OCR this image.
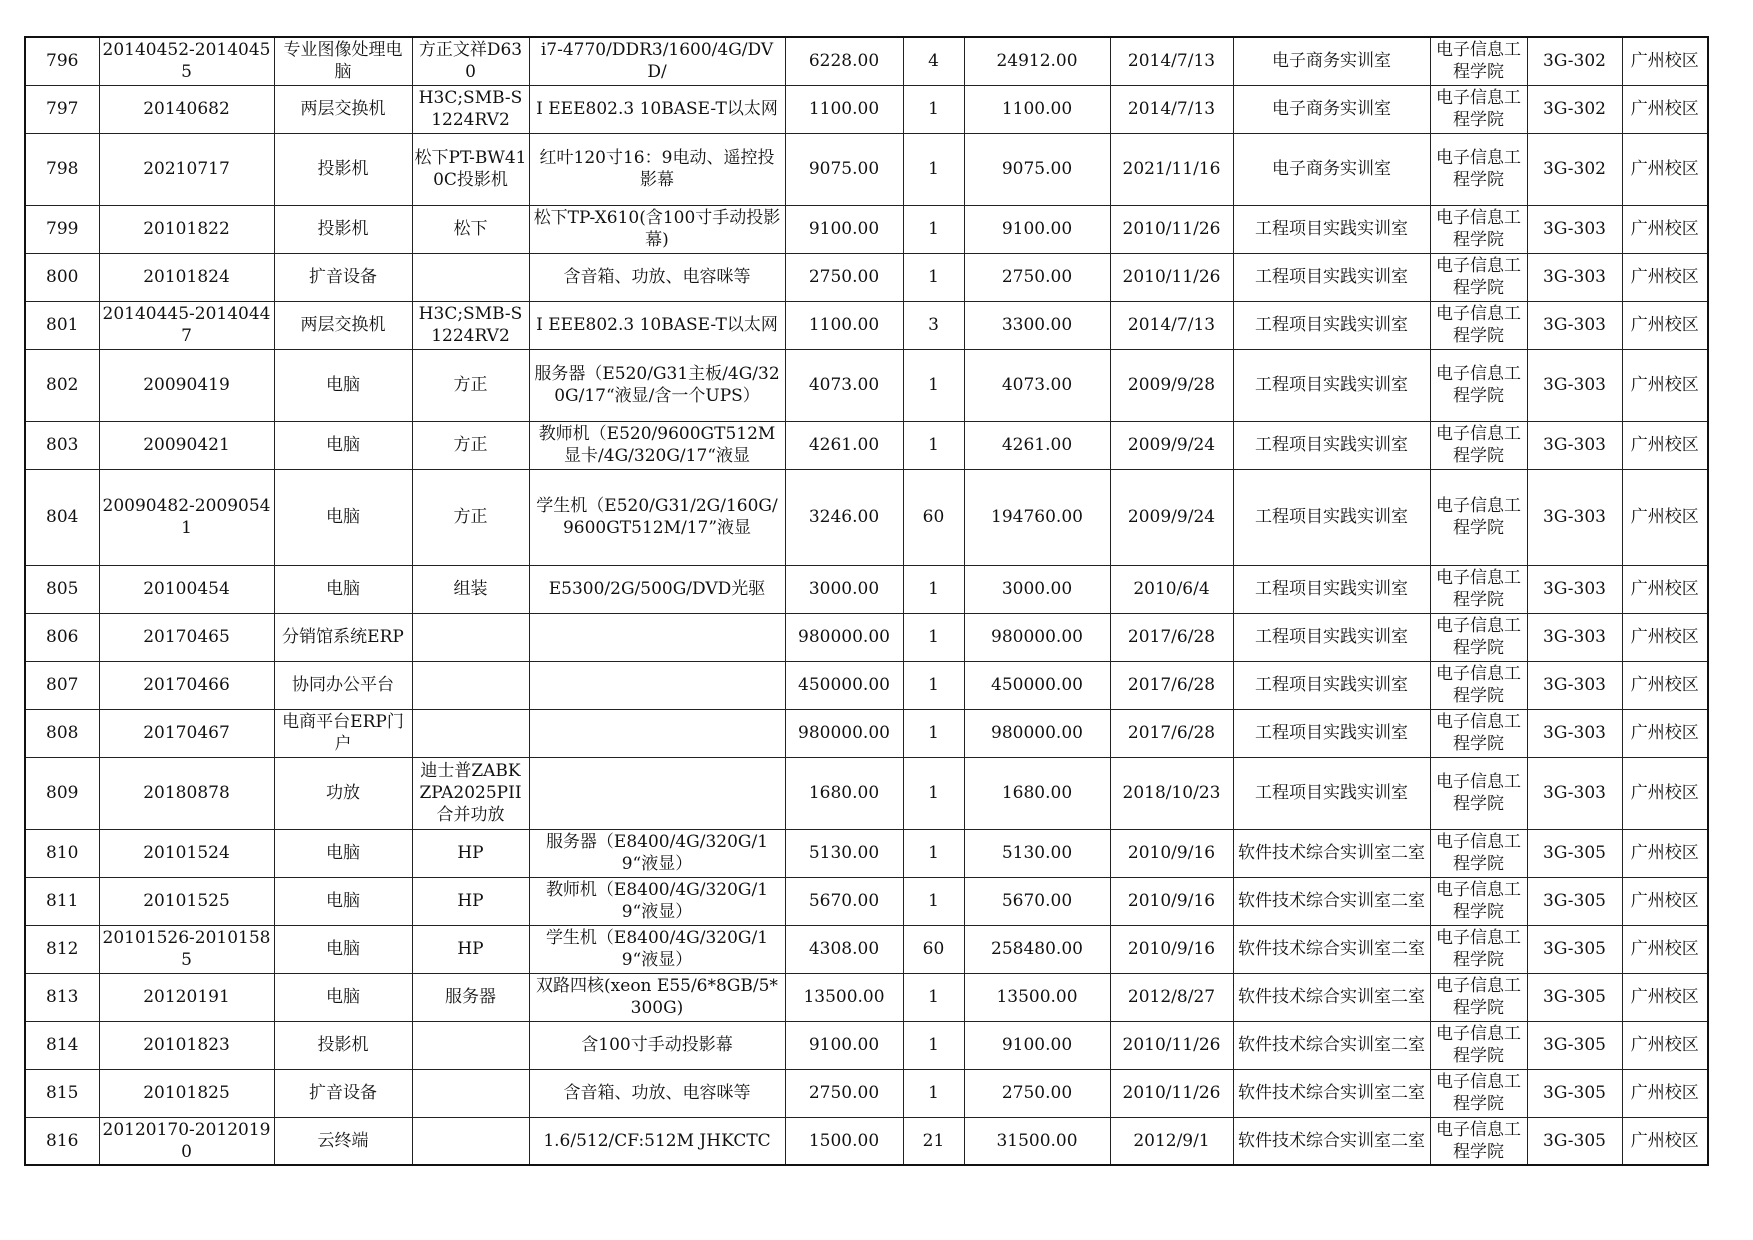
796	20140452-20140455	专业图像处理电脑	方正文祥D630	i7-4770/DDR3/1600/4G/DVD/	6228.00	4	24912.00	2014/7/13	电子商务实训室	电子信息工程学院	3G-302	广州校区
797	20140682	两层交换机	H3C;SMB-S1224RV2	I EEE802.3 10BASE-T以太网	1100.00	1	1100.00	2014/7/13	电子商务实训室	电子信息工程学院	3G-302	广州校区
798	20210717	投影机	松下PT-BW410C投影机	红叶120寸16：9电动、遥控投影幕	9075.00	1	9075.00	2021/11/16	电子商务实训室	电子信息工程学院	3G-302	广州校区
799	20101822	投影机	松下	松下TP-X610(含100寸手动投影幕)	9100.00	1	9100.00	2010/11/26	工程项目实践实训室	电子信息工程学院	3G-303	广州校区
800	20101824	扩音设备		含音箱、功放、电容咪等	2750.00	1	2750.00	2010/11/26	工程项目实践实训室	电子信息工程学院	3G-303	广州校区
801	20140445-20140447	两层交换机	H3C;SMB-S1224RV2	I EEE802.3 10BASE-T以太网	1100.00	3	3300.00	2014/7/13	工程项目实践实训室	电子信息工程学院	3G-303	广州校区
802	20090419	电脑	方正	服务器（E520/G31主板/4G/320G/17“液显/含一个UPS）	4073.00	1	4073.00	2009/9/28	工程项目实践实训室	电子信息工程学院	3G-303	广州校区
803	20090421	电脑	方正	教师机（E520/9600GT512M显卡/4G/320G/17“液显	4261.00	1	4261.00	2009/9/24	工程项目实践实训室	电子信息工程学院	3G-303	广州校区
804	20090482-20090541	电脑	方正	学生机（E520/G31/2G/160G/9600GT512M/17”液显	3246.00	60	194760.00	2009/9/24	工程项目实践实训室	电子信息工程学院	3G-303	广州校区
805	20100454	电脑	组装	E5300/2G/500G/DVD光驱	3000.00	1	3000.00	2010/6/4	工程项目实践实训室	电子信息工程学院	3G-303	广州校区
806	20170465	分销馆系统ERP			980000.00	1	980000.00	2017/6/28	工程项目实践实训室	电子信息工程学院	3G-303	广州校区
807	20170466	协同办公平台			450000.00	1	450000.00	2017/6/28	工程项目实践实训室	电子信息工程学院	3G-303	广州校区
808	20170467	电商平台ERP门户			980000.00	1	980000.00	2017/6/28	工程项目实践实训室	电子信息工程学院	3G-303	广州校区
809	20180878	功放	迪士普ZABKZPA2025PII合并功放		1680.00	1	1680.00	2018/10/23	工程项目实践实训室	电子信息工程学院	3G-303	广州校区
810	20101524	电脑	HP	服务器（E8400/4G/320G/19“液显）	5130.00	1	5130.00	2010/9/16	软件技术综合实训室二室	电子信息工程学院	3G-305	广州校区
811	20101525	电脑	HP	教师机（E8400/4G/320G/19“液显）	5670.00	1	5670.00	2010/9/16	软件技术综合实训室二室	电子信息工程学院	3G-305	广州校区
812	20101526-20101585	电脑	HP	学生机（E8400/4G/320G/19“液显）	4308.00	60	258480.00	2010/9/16	软件技术综合实训室二室	电子信息工程学院	3G-305	广州校区
813	20120191	电脑	服务器	双路四核(xeon E55/6*8GB/5*300G)	13500.00	1	13500.00	2012/8/27	软件技术综合实训室二室	电子信息工程学院	3G-305	广州校区
814	20101823	投影机		含100寸手动投影幕	9100.00	1	9100.00	2010/11/26	软件技术综合实训室二室	电子信息工程学院	3G-305	广州校区
815	20101825	扩音设备		含音箱、功放、电容咪等	2750.00	1	2750.00	2010/11/26	软件技术综合实训室二室	电子信息工程学院	3G-305	广州校区
816	20120170-20120190	云终端		1.6/512/CF:512M JHKCTC	1500.00	21	31500.00	2012/9/1	软件技术综合实训室二室	电子信息工程学院	3G-305	广州校区
